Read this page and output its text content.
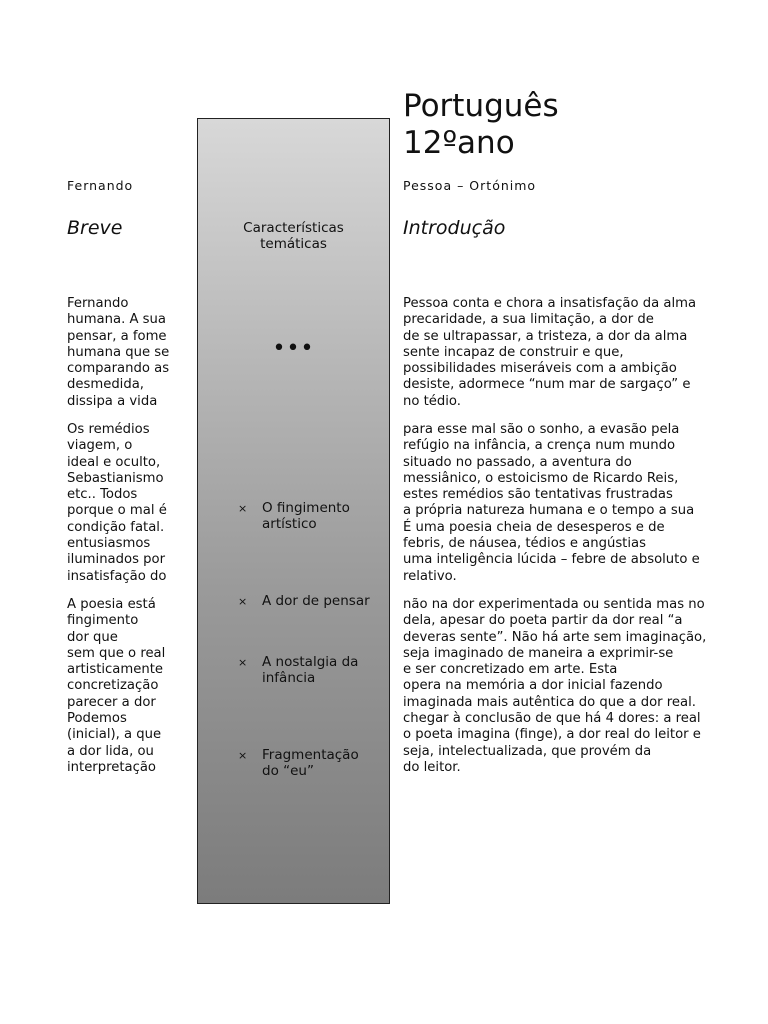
Português
12ºano
Fernando	Pessoa – Ortónimo
Breve	Introdução
Características
temáticas
•••
× O fingimento
artístico
× A dor de pensar
× A nostalgia da
infância
× Fragmentação
do “eu”
Fernando
humana. A sua
pensar, a fome
humana que se
comparando as
desmedida,
dissipa a vida
Os remédios
viagem, o
ideal e oculto,
Sebastianismo
etc.. Todos
porque o mal é
condição fatal.
entusiasmos
iluminados por
insatisfação do
A poesia está
fingimento
dor que
sem que o real
artisticamente
concretização
parecer a dor
Podemos
(inicial), a que
a dor lida, ou
interpretação
Pessoa conta e chora a insatisfação da alma
precaridade, a sua limitação, a dor de
de se ultrapassar, a tristeza, a dor da alma
sente incapaz de construir e que,
possibilidades miseráveis com a ambição
desiste, adormece “num mar de sargaço” e
no tédio.
para esse mal são o sonho, a evasão pela
refúgio na infância, a crença num mundo
situado no passado, a aventura do
messiânico, o estoicismo de Ricardo Reis,
estes remédios são tentativas frustradas
a própria natureza humana e o tempo a sua
É uma poesia cheia de desesperos e de
febris, de náusea, tédios e angústias
uma inteligência lúcida – febre de absoluto e
relativo.
não na dor experimentada ou sentida mas no
dela, apesar do poeta partir da dor real “a
deveras sente”. Não há arte sem imaginação,
seja imaginado de maneira a exprimir-se
e ser concretizado em arte. Esta
opera na memória a dor inicial fazendo
imaginada mais autêntica do que a dor real.
chegar à conclusão de que há 4 dores: a real
o poeta imagina (finge), a dor real do leitor e
seja, intelectualizada, que provém da
do leitor.
